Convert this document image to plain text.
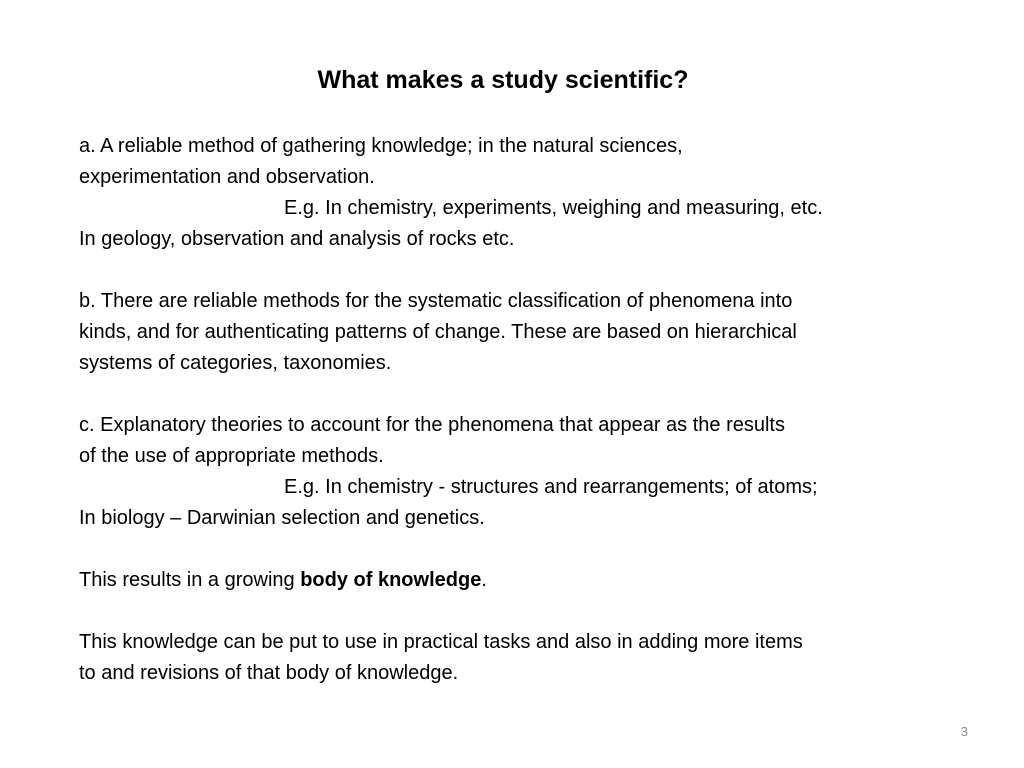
What makes a study scientific?
a. A reliable method of gathering knowledge; in the natural sciences,
experimentation and observation.
E.g. In chemistry, experiments, weighing and measuring, etc.
In geology, observation and analysis of rocks etc.
b. There are reliable methods for the systematic classification of phenomena into
kinds, and for authenticating patterns of change. These are based on hierarchical
systems of categories, taxonomies.
c. Explanatory theories to account for the phenomena that appear as the results
of the use of appropriate methods.
E.g. In chemistry - structures and rearrangements; of atoms;
In biology – Darwinian selection and genetics.
This results in a growing body of knowledge.
This knowledge can be put to use in practical tasks and also in adding more items
to and revisions of that body of knowledge.
3
